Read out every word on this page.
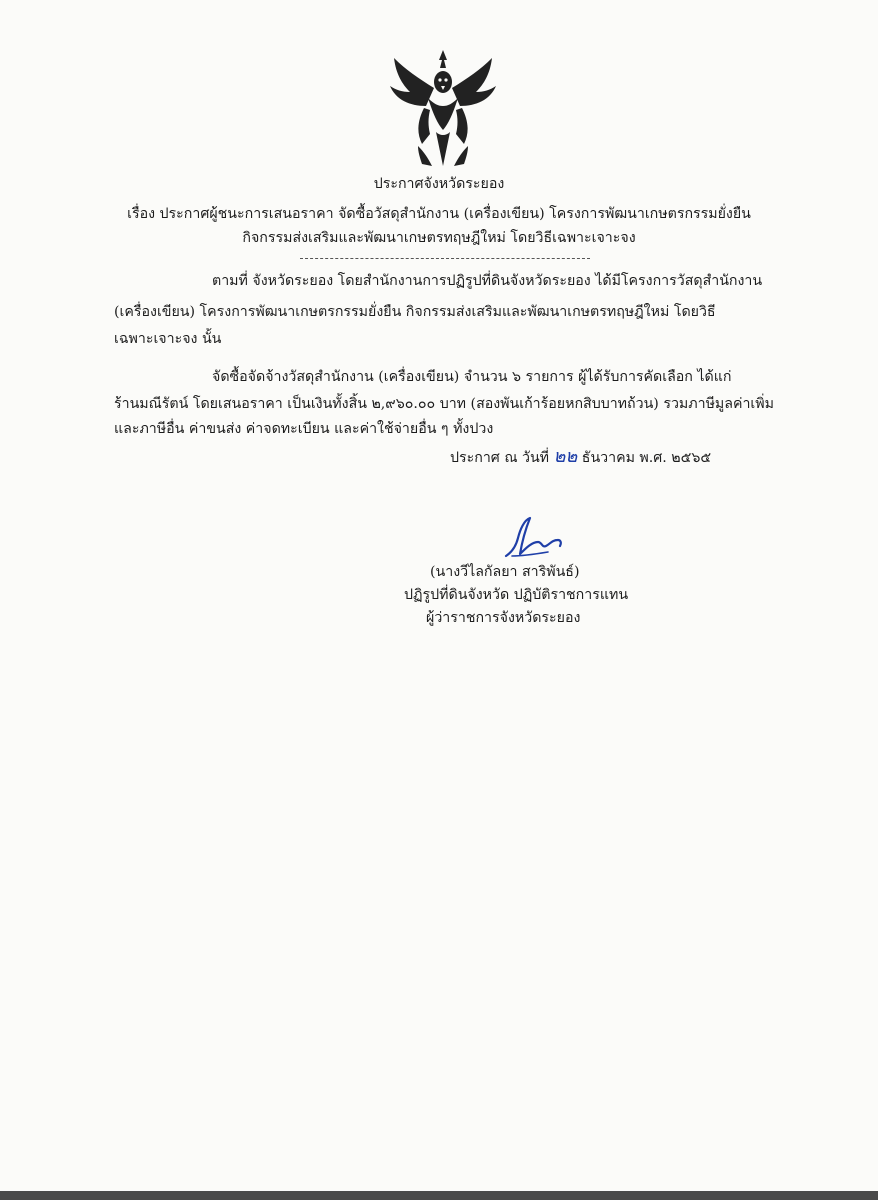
ประกาศจังหวัดระยอง
เรื่อง ประกาศผู้ชนะการเสนอราคา จัดซื้อวัสดุสำนักงาน (เครื่องเขียน) โครงการพัฒนาเกษตรกรรมยั่งยืน
กิจกรรมส่งเสริมและพัฒนาเกษตรทฤษฎีใหม่ โดยวิธีเฉพาะเจาะจง
ตามที่ จังหวัดระยอง โดยสำนักงานการปฏิรูปที่ดินจังหวัดระยอง ได้มีโครงการวัสดุสำนักงาน
(เครื่องเขียน) โครงการพัฒนาเกษตรกรรมยั่งยืน กิจกรรมส่งเสริมและพัฒนาเกษตรทฤษฎีใหม่ โดยวิธี
เฉพาะเจาะจง นั้น
จัดซื้อจัดจ้างวัสดุสำนักงาน (เครื่องเขียน) จำนวน ๖ รายการ ผู้ได้รับการคัดเลือก ได้แก่
ร้านมณีรัตน์ โดยเสนอราคา เป็นเงินทั้งสิ้น ๒,๙๖๐.๐๐ บาท (สองพันเก้าร้อยหกสิบบาทถ้วน) รวมภาษีมูลค่าเพิ่ม
และภาษีอื่น ค่าขนส่ง ค่าจดทะเบียน และค่าใช้จ่ายอื่น ๆ ทั้งปวง
ประกาศ ณ วันที่ ๒๒ ธันวาคม พ.ศ. ๒๕๖๕
(นางวีไลกัลยา สาริพันธ์)
ปฏิรูปที่ดินจังหวัด ปฏิบัติราชการแทน
ผู้ว่าราชการจังหวัดระยอง
